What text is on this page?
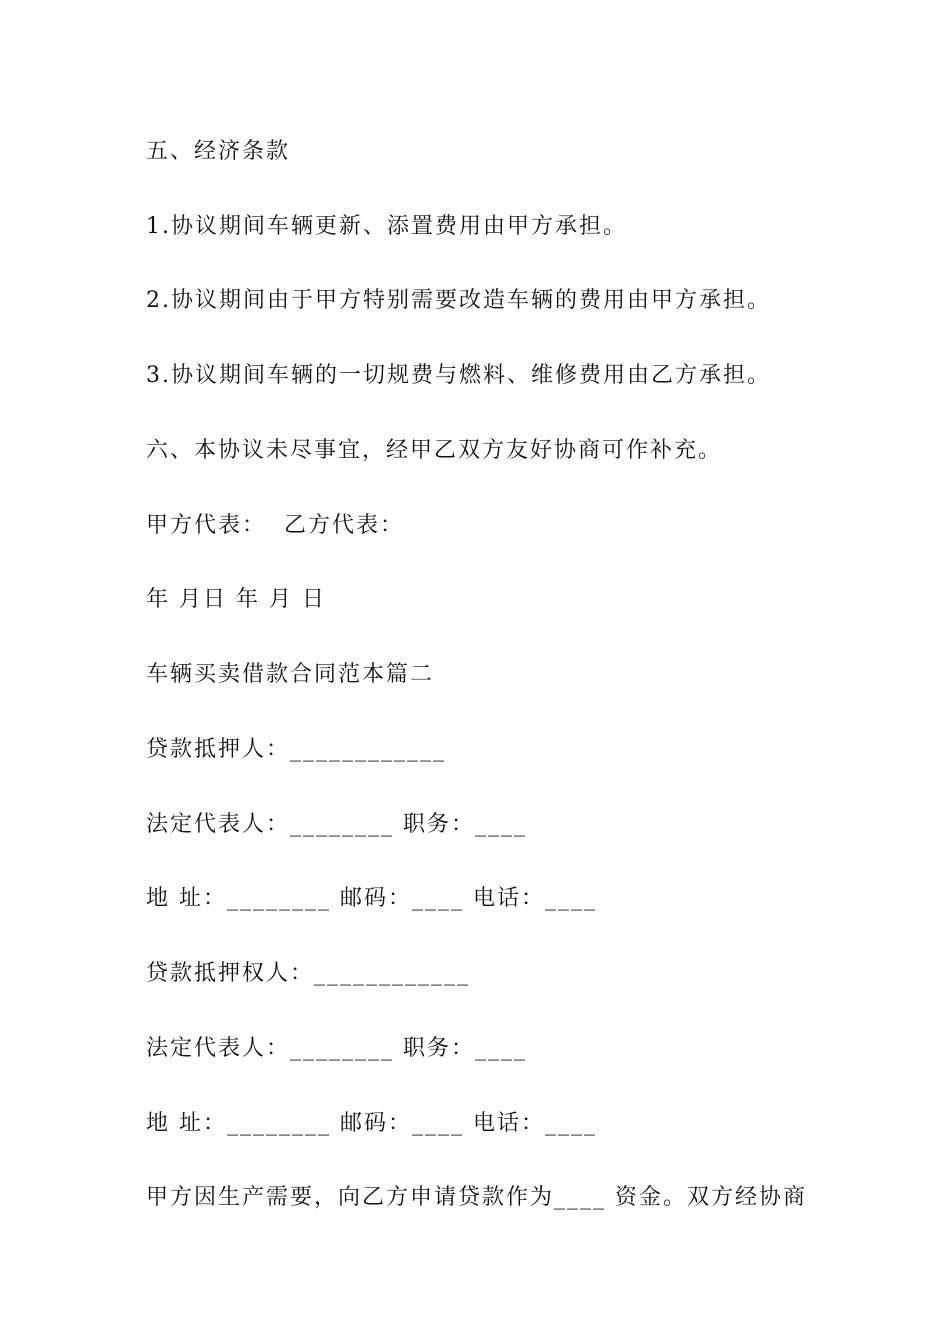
五、经济条款

1.协议期间车辆更新、添置费用由甲方承担。

2.协议期间由于甲方特别需要改造车辆的费用由甲方承担。

3.协议期间车辆的一切规费与燃料、维修费用由乙方承担。

六、本协议未尽事宜，经甲乙双方友好协商可作补充。

甲方代表：  乙方代表：

年 月日 年 月 日

车辆买卖借款合同范本篇二

贷款抵押人：____________

法定代表人：________ 职务：____

地 址：________ 邮码：____ 电话：____

贷款抵押权人：____________

法定代表人：________ 职务：____

地 址：________ 邮码：____ 电话：____

甲方因生产需要，向乙方申请贷款作为____ 资金。双方经协商
